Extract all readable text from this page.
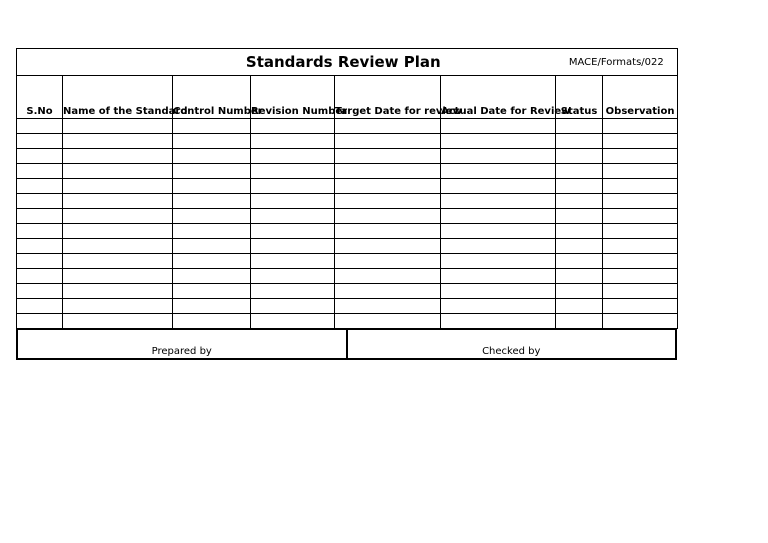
Standards Review Plan						MACE/Formats/022	
S.No	Name of the Standard	Control Number	Revision Number	Target Date for review	Actual Date for Review	Status	Observation

Prepared by	Checked by
